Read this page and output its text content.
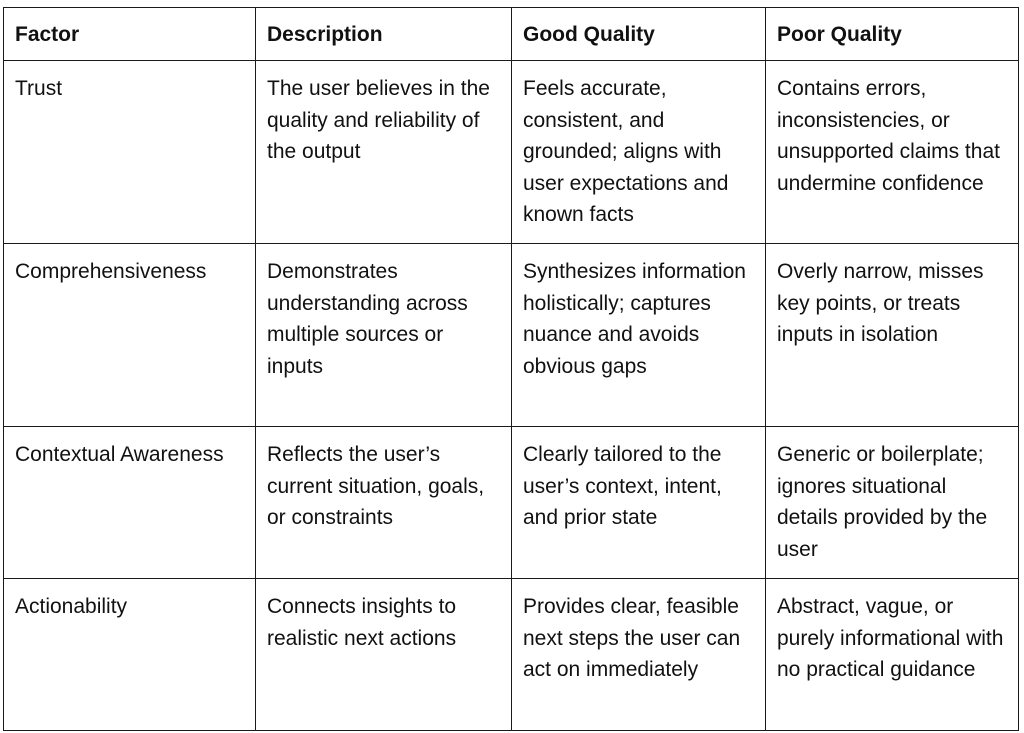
Factor	Description	Good Quality	Poor Quality
Trust	The user believes in the quality and reliability of the output	Feels accurate, consistent, and grounded; aligns with user expectations and known facts	Contains errors, inconsistencies, or unsupported claims that undermine confidence
Comprehensiveness	Demonstrates understanding across multiple sources or inputs	Synthesizes information holistically; captures nuance and avoids obvious gaps	Overly narrow, misses key points, or treats inputs in isolation
Contextual Awareness	Reflects the user’s current situation, goals, or constraints	Clearly tailored to the user’s context, intent, and prior state	Generic or boilerplate; ignores situational details provided by the user
Actionability	Connects insights to realistic next actions	Provides clear, feasible next steps the user can act on immediately	Abstract, vague, or purely informational with no practical guidance
